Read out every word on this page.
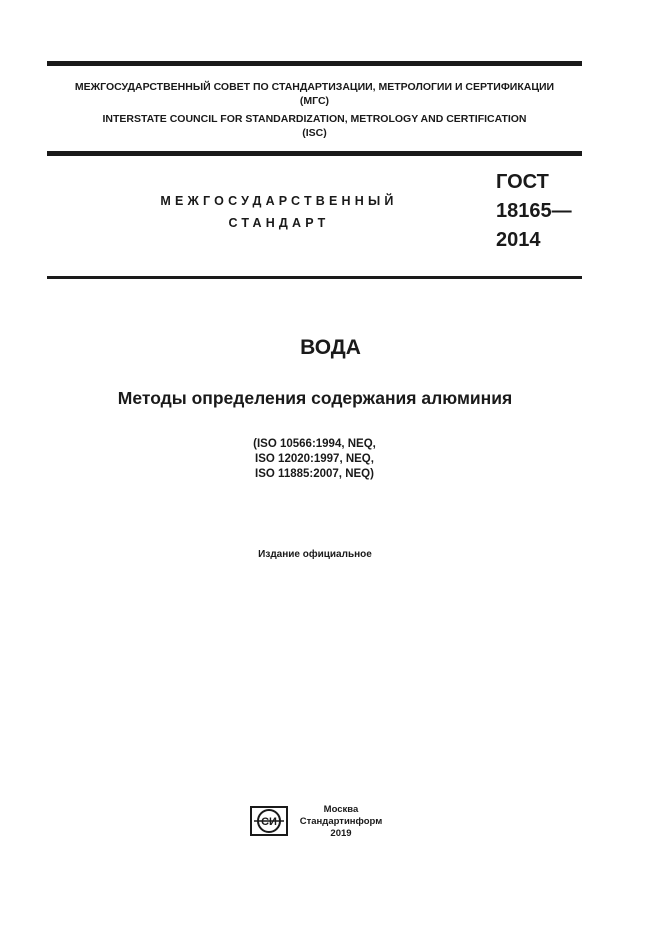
МЕЖГОСУДАРСТВЕННЫЙ СОВЕТ ПО СТАНДАРТИЗАЦИИ, МЕТРОЛОГИИ И СЕРТИФИКАЦИИ
(МГС)
INTERSTATE COUNCIL FOR STANDARDIZATION, METROLOGY AND CERTIFICATION
(ISC)
МЕЖГОСУДАРСТВЕННЫЙ
СТАНДАРТ
ГОСТ
18165—
2014
ВОДА
Методы определения содержания алюминия
(ISO 10566:1994, NEQ,
ISO 12020:1997, NEQ,
ISO 11885:2007, NEQ)
Издание официальное
СИ
Москва
Стандартинформ
2019
